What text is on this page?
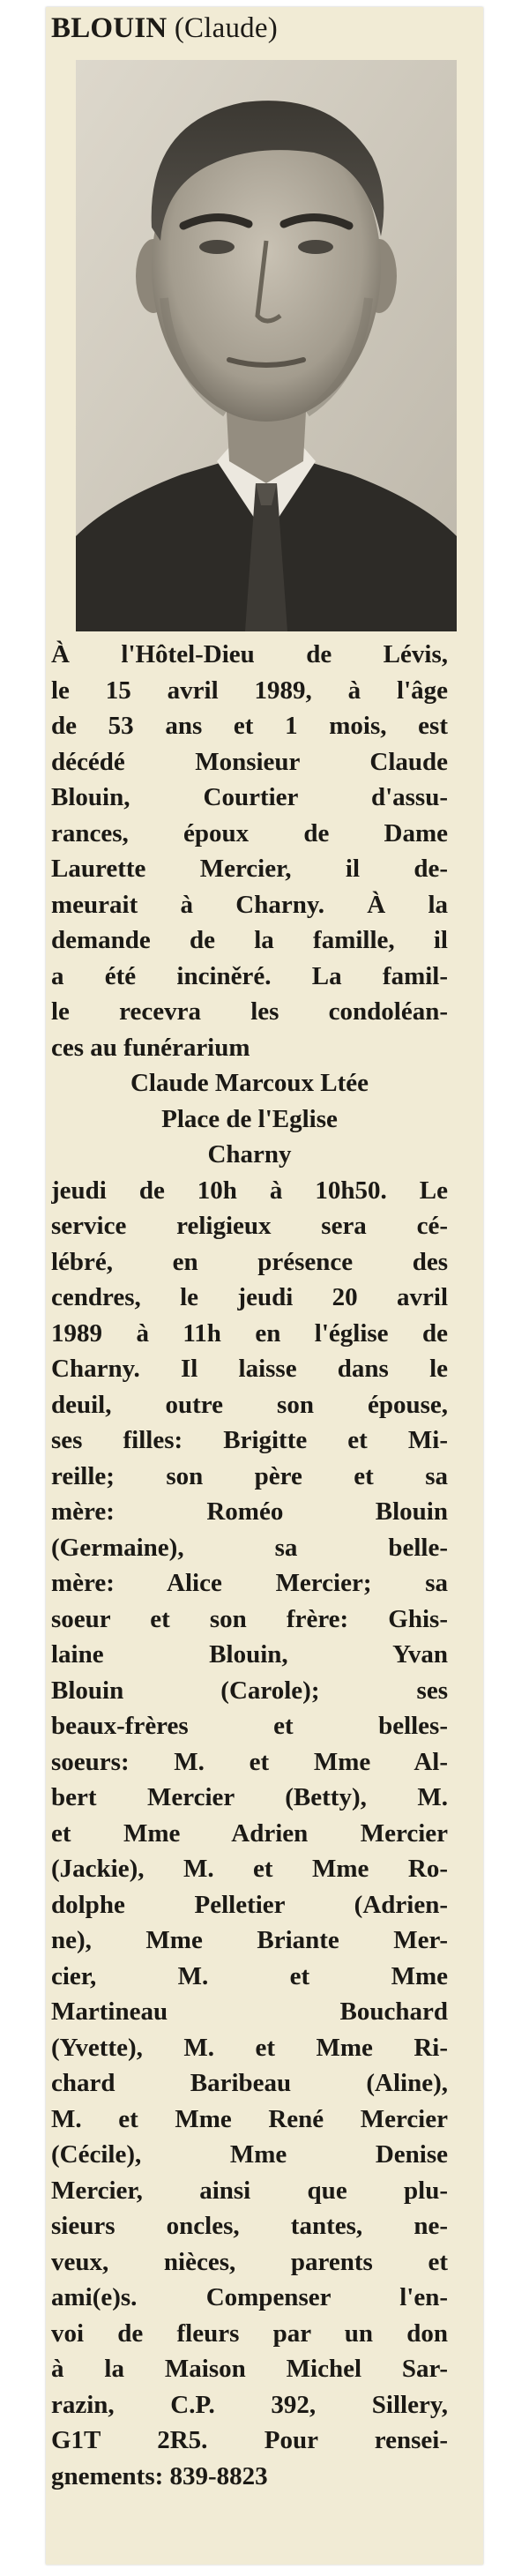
BLOUIN (Claude)
À l'Hôtel-Dieu de Lévis,
le 15 avril 1989, à l'âge
de 53 ans et 1 mois, est
décédé Monsieur Claude
Blouin, Courtier d'assu-
rances, époux de Dame
Laurette Mercier, il de-
meurait à Charny. À la
demande de la famille, il
a été inciněré. La famil-
le recevra les condoléan-
ces au funérarium
Claude Marcoux Ltée
Place de l'Eglise
Charny
jeudi de 10h à 10h50. Le
service religieux sera cé-
lébré, en présence des
cendres, le jeudi 20 avril
1989 à 11h en l'église de
Charny. Il laisse dans le
deuil, outre son épouse,
ses filles: Brigitte et Mi-
reille; son père et sa
mère: Roméo Blouin
(Germaine), sa belle-
mère: Alice Mercier; sa
soeur et son frère: Ghis-
laine Blouin, Yvan
Blouin (Carole); ses
beaux-frères et belles-
soeurs: M. et Mme Al-
bert Mercier (Betty), M.
et Mme Adrien Mercier
(Jackie), M. et Mme Ro-
dolphe Pelletier (Adrien-
ne), Mme Briante Mer-
cier, M. et Mme
Martineau Bouchard
(Yvette), M. et Mme Ri-
chard Baribeau (Aline),
M. et Mme René Mercier
(Cécile), Mme Denise
Mercier, ainsi que plu-
sieurs oncles, tantes, ne-
veux, nièces, parents et
ami(e)s. Compenser l'en-
voi de fleurs par un don
à la Maison Michel Sar-
razin, C.P. 392, Sillery,
G1T 2R5. Pour rensei-
gnements: 839-8823
